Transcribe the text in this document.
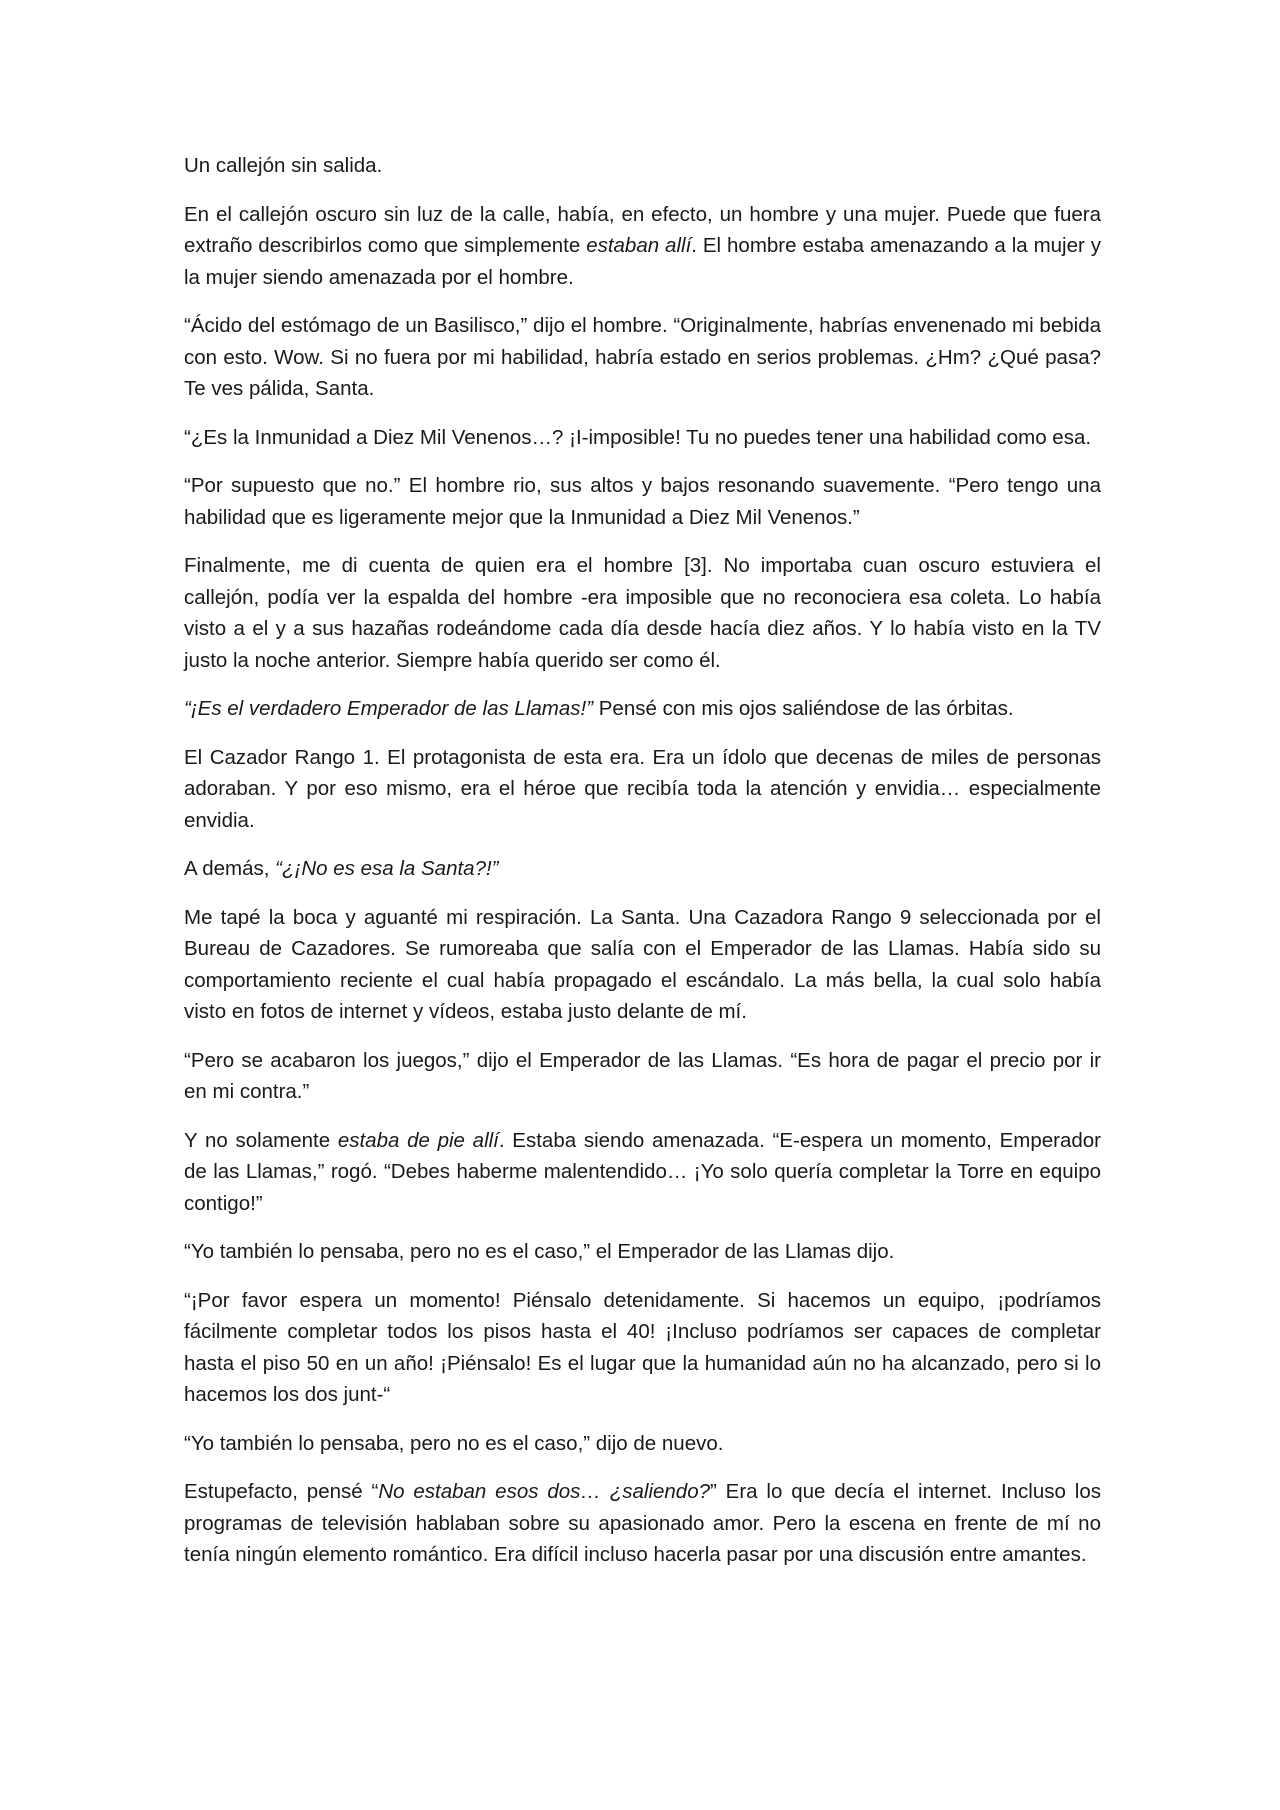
Un callejón sin salida.

En el callejón oscuro sin luz de la calle, había, en efecto, un hombre y una mujer. Puede que fuera extraño describirlos como que simplemente estaban allí. El hombre estaba amenazando a la mujer y la mujer siendo amenazada por el hombre.

“Ácido del estómago de un Basilisco,” dijo el hombre. “Originalmente, habrías envenenado mi bebida con esto. Wow. Si no fuera por mi habilidad, habría estado en serios problemas. ¿Hm? ¿Qué pasa? Te ves pálida, Santa.

“¿Es la Inmunidad a Diez Mil Venenos…? ¡I-imposible! Tu no puedes tener una habilidad como esa.

“Por supuesto que no.” El hombre rio, sus altos y bajos resonando suavemente. “Pero tengo una habilidad que es ligeramente mejor que la Inmunidad a Diez Mil Venenos.”

Finalmente, me di cuenta de quien era el hombre [3]. No importaba cuan oscuro estuviera el callejón, podía ver la espalda del hombre -era imposible que no reconociera esa coleta. Lo había visto a el y a sus hazañas rodeándome cada día desde hacía diez años. Y lo había visto en la TV justo la noche anterior. Siempre había querido ser como él.

“¡Es el verdadero Emperador de las Llamas!” Pensé con mis ojos saliéndose de las órbitas.

El Cazador Rango 1. El protagonista de esta era. Era un ídolo que decenas de miles de personas adoraban. Y por eso mismo, era el héroe que recibía toda la atención y envidia… especialmente envidia.

A demás, “¿¡No es esa la Santa?!”

Me tapé la boca y aguanté mi respiración. La Santa. Una Cazadora Rango 9 seleccionada por el Bureau de Cazadores. Se rumoreaba que salía con el Emperador de las Llamas. Había sido su comportamiento reciente el cual había propagado el escándalo. La más bella, la cual solo había visto en fotos de internet y vídeos, estaba justo delante de mí.

“Pero se acabaron los juegos,” dijo el Emperador de las Llamas. “Es hora de pagar el precio por ir en mi contra.”

Y no solamente estaba de pie allí. Estaba siendo amenazada. “E-espera un momento, Emperador de las Llamas,” rogó. “Debes haberme malentendido… ¡Yo solo quería completar la Torre en equipo contigo!”

“Yo también lo pensaba, pero no es el caso,” el Emperador de las Llamas dijo.

“¡Por favor espera un momento! Piénsalo detenidamente. Si hacemos un equipo, ¡podríamos fácilmente completar todos los pisos hasta el 40! ¡Incluso podríamos ser capaces de completar hasta el piso 50 en un año! ¡Piénsalo! Es el lugar que la humanidad aún no ha alcanzado, pero si lo hacemos los dos junt-“

“Yo también lo pensaba, pero no es el caso,” dijo de nuevo.

Estupefacto, pensé “No estaban esos dos… ¿saliendo?” Era lo que decía el internet. Incluso los programas de televisión hablaban sobre su apasionado amor. Pero la escena en frente de mí no tenía ningún elemento romántico. Era difícil incluso hacerla pasar por una discusión entre amantes.
